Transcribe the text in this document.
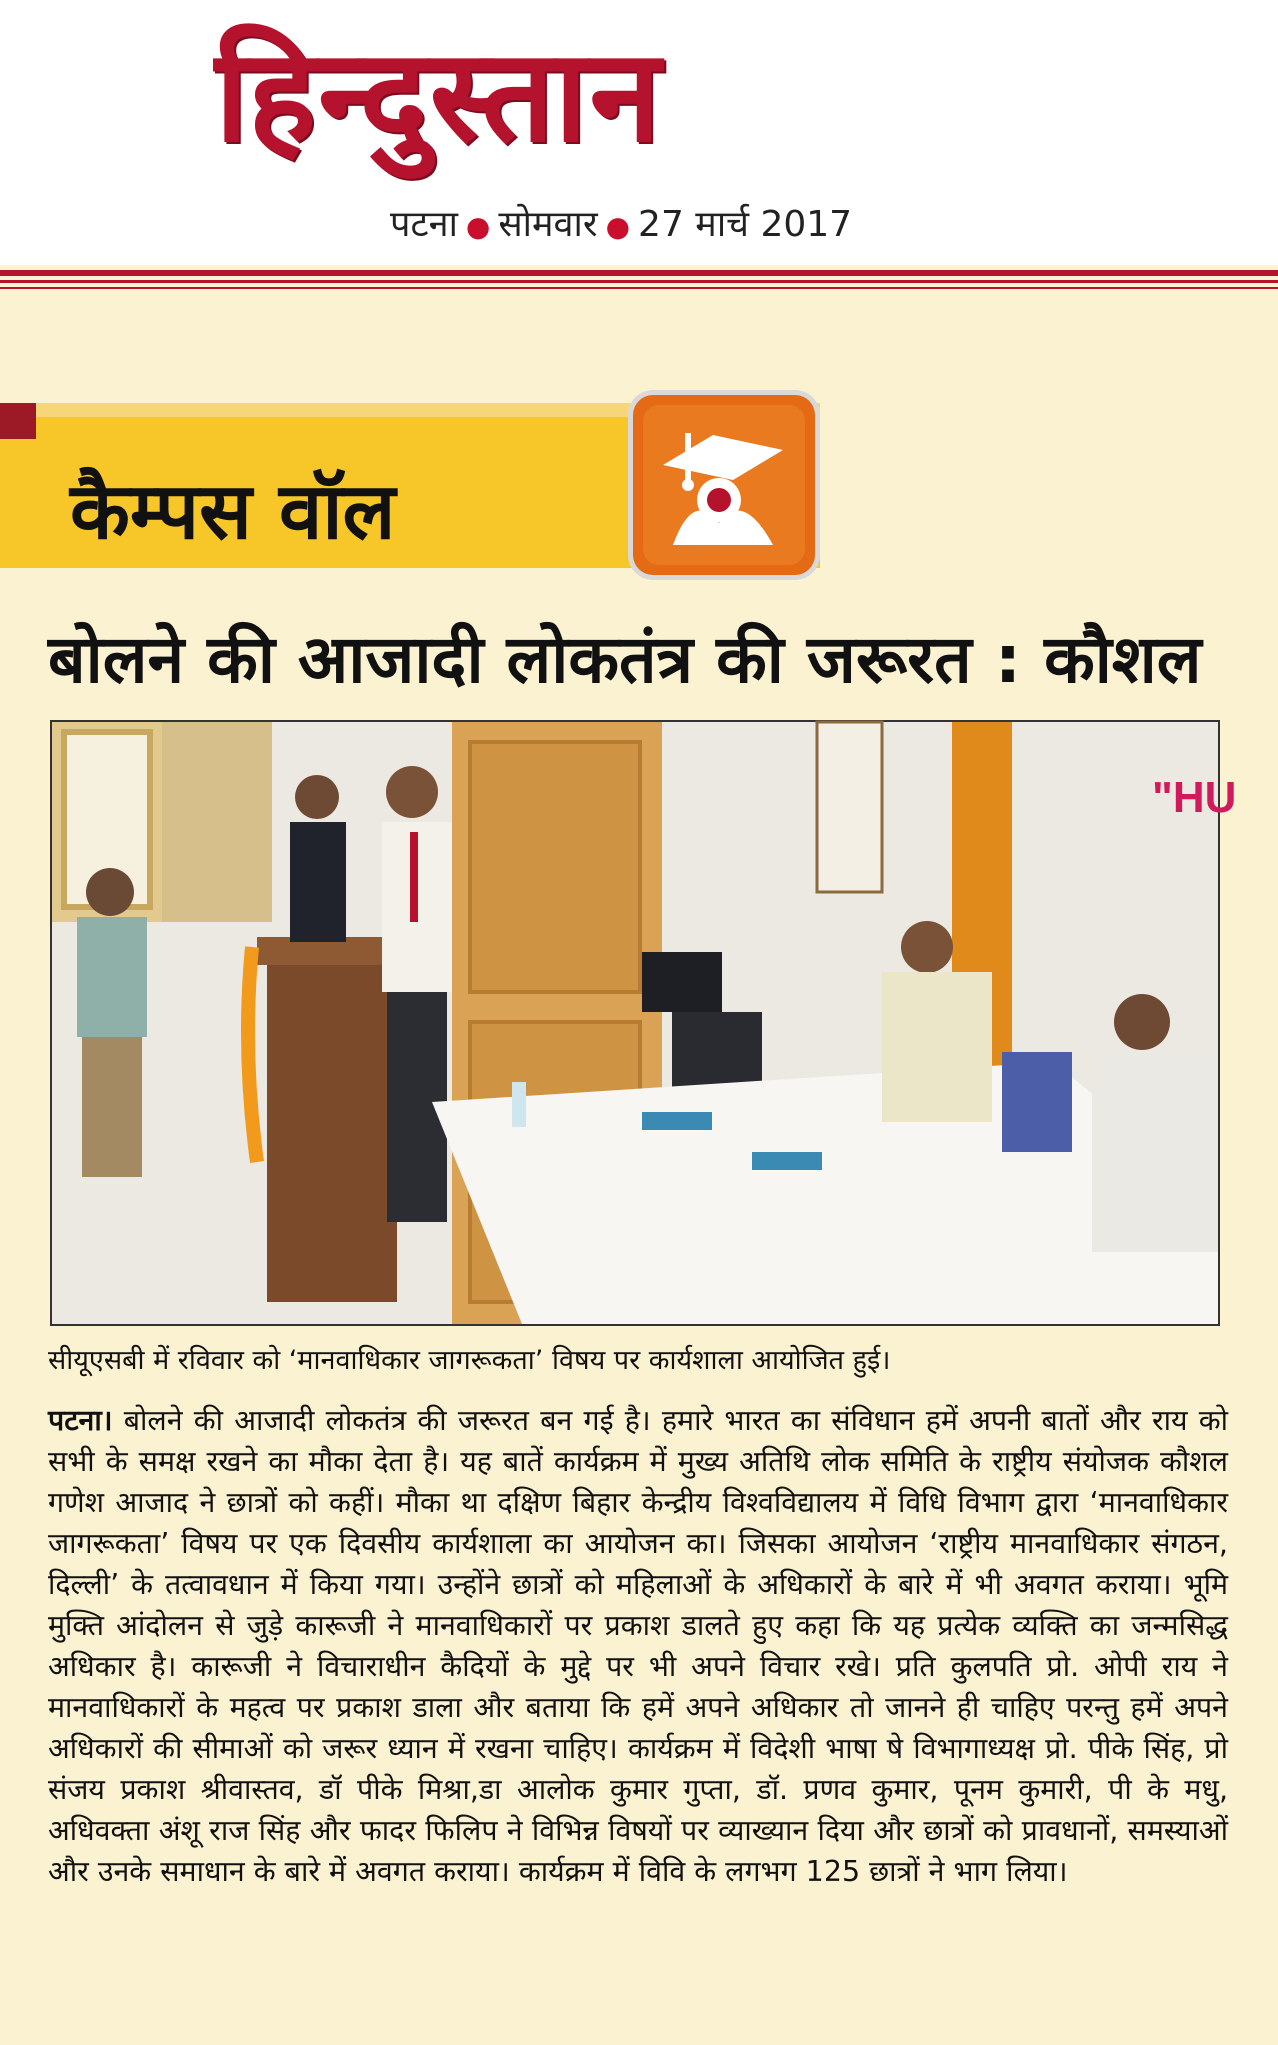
हिन्दुस्तान
पटना ● सोमवार ● 27 मार्च 2017
कैम्पस वॉल
बोलने की आजादी लोकतंत्र की जरूरत : कौशल
"HU
सीयूएसबी में रविवार को ‘मानवाधिकार जागरूकता’ विषय पर कार्यशाला आयोजित हुई।
पटना। बोलने की आजादी लोकतंत्र की जरूरत बन गई है। हमारे भारत का संविधान हमें अपनी बातों और राय को सभी के समक्ष रखने का मौका देता है। यह बातें कार्यक्रम में मुख्य अतिथि लोक समिति के राष्ट्रीय संयोजक कौशल गणेश आजाद ने छात्रों को कहीं। मौका था दक्षिण बिहार केन्द्रीय विश्वविद्यालय में विधि विभाग द्वारा ‘मानवाधिकार जागरूकता’ विषय पर एक दिवसीय कार्यशाला का आयोजन का। जिसका आयोजन ‘राष्ट्रीय मानवाधिकार संगठन, दिल्ली’ के तत्वावधान में किया गया। उन्होंने छात्रों को महिलाओं के अधिकारों के बारे में भी अवगत कराया। भूमि मुक्ति आंदोलन से जुड़े कारूजी ने मानवाधिकारों पर प्रकाश डालते हुए कहा कि यह प्रत्येक व्यक्ति का जन्मसिद्ध अधिकार है। कारूजी ने विचाराधीन कैदियों के मुद्दे पर भी अपने विचार रखे। प्रति कुलपति प्रो. ओपी राय ने मानवाधिकारों के महत्व पर प्रकाश डाला और बताया कि हमें अपने अधिकार तो जानने ही चाहिए परन्तु हमें अपने अधिकारों की सीमाओं को जरूर ध्यान में रखना चाहिए। कार्यक्रम में विदेशी भाषा षे विभागाध्यक्ष प्रो. पीके सिंह, प्रो संजय प्रकाश श्रीवास्तव, डॉ पीके मिश्रा,डा आलोक कुमार गुप्ता, डॉ. प्रणव कुमार, पूनम कुमारी, पी के मधु, अधिवक्ता अंशू राज सिंह और फादर फिलिप ने विभिन्न विषयों पर व्याख्यान दिया और छात्रों को प्रावधानों, समस्याओं और उनके समाधान के बारे में अवगत कराया। कार्यक्रम में विवि के लगभग 125 छात्रों ने भाग लिया।
